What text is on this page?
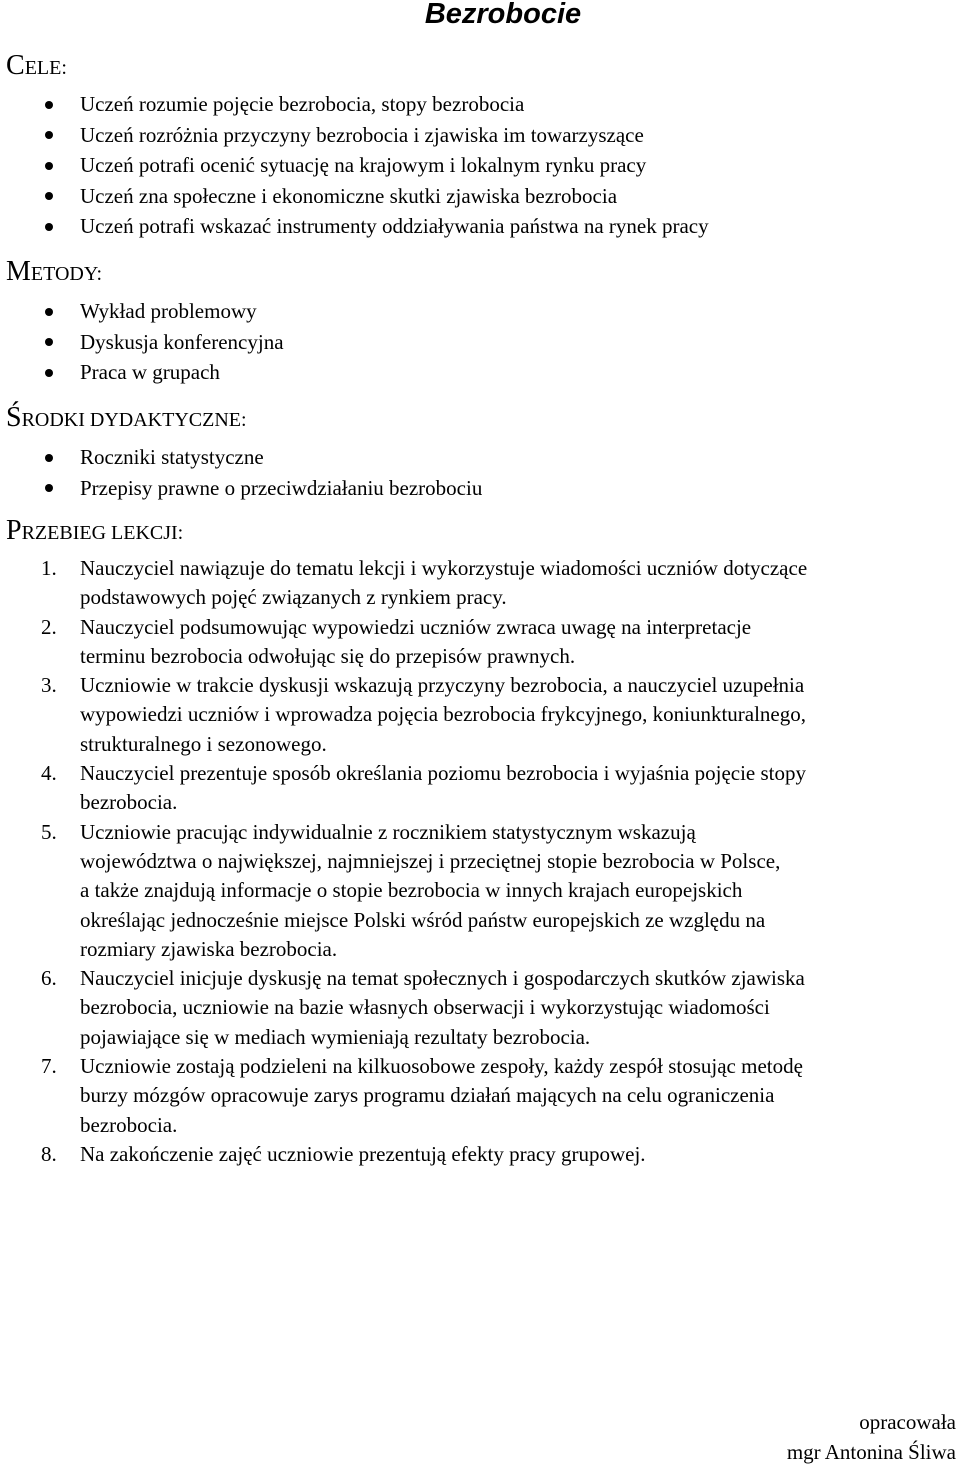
Bezrobocie
CELE:
Uczeń rozumie pojęcie bezrobocia, stopy bezrobocia
Uczeń rozróżnia przyczyny bezrobocia i zjawiska im towarzyszące
Uczeń potrafi ocenić sytuację na krajowym i lokalnym rynku pracy
Uczeń zna społeczne i ekonomiczne skutki zjawiska bezrobocia
Uczeń potrafi wskazać instrumenty oddziaływania państwa na rynek pracy
METODY:
Wykład problemowy
Dyskusja konferencyjna
Praca w grupach
ŚRODKI DYDAKTYCZNE:
Roczniki statystyczne
Przepisy prawne o przeciwdziałaniu bezrobociu
PRZEBIEG LEKCJI:
1. Nauczyciel nawiązuje do tematu lekcji i wykorzystuje wiadomości uczniów dotyczące
podstawowych pojęć związanych z rynkiem pracy.
2. Nauczyciel podsumowując wypowiedzi uczniów zwraca uwagę na interpretacje
terminu bezrobocia odwołując się do przepisów prawnych.
3. Uczniowie w trakcie dyskusji wskazują przyczyny bezrobocia, a nauczyciel uzupełnia
wypowiedzi uczniów i wprowadza pojęcia bezrobocia frykcyjnego, koniunkturalnego,
strukturalnego i sezonowego.
4. Nauczyciel prezentuje sposób określania poziomu bezrobocia i wyjaśnia pojęcie stopy
bezrobocia.
5. Uczniowie pracując indywidualnie z rocznikiem statystycznym wskazują
województwa o największej, najmniejszej i przeciętnej stopie bezrobocia w Polsce,
a także znajdują informacje o stopie bezrobocia w innych krajach europejskich
określając jednocześnie miejsce Polski wśród państw europejskich ze względu na
rozmiary zjawiska bezrobocia.
6. Nauczyciel inicjuje dyskusję na temat społecznych i gospodarczych skutków zjawiska
bezrobocia, uczniowie na bazie własnych obserwacji i wykorzystując wiadomości
pojawiające się w mediach wymieniają rezultaty bezrobocia.
7. Uczniowie zostają podzieleni na kilkuosobowe zespoły, każdy zespół stosując metodę
burzy mózgów opracowuje zarys programu działań mających na celu ograniczenia
bezrobocia.
8. Na zakończenie zajęć uczniowie prezentują efekty pracy grupowej.
opracowała
mgr Antonina Śliwa
